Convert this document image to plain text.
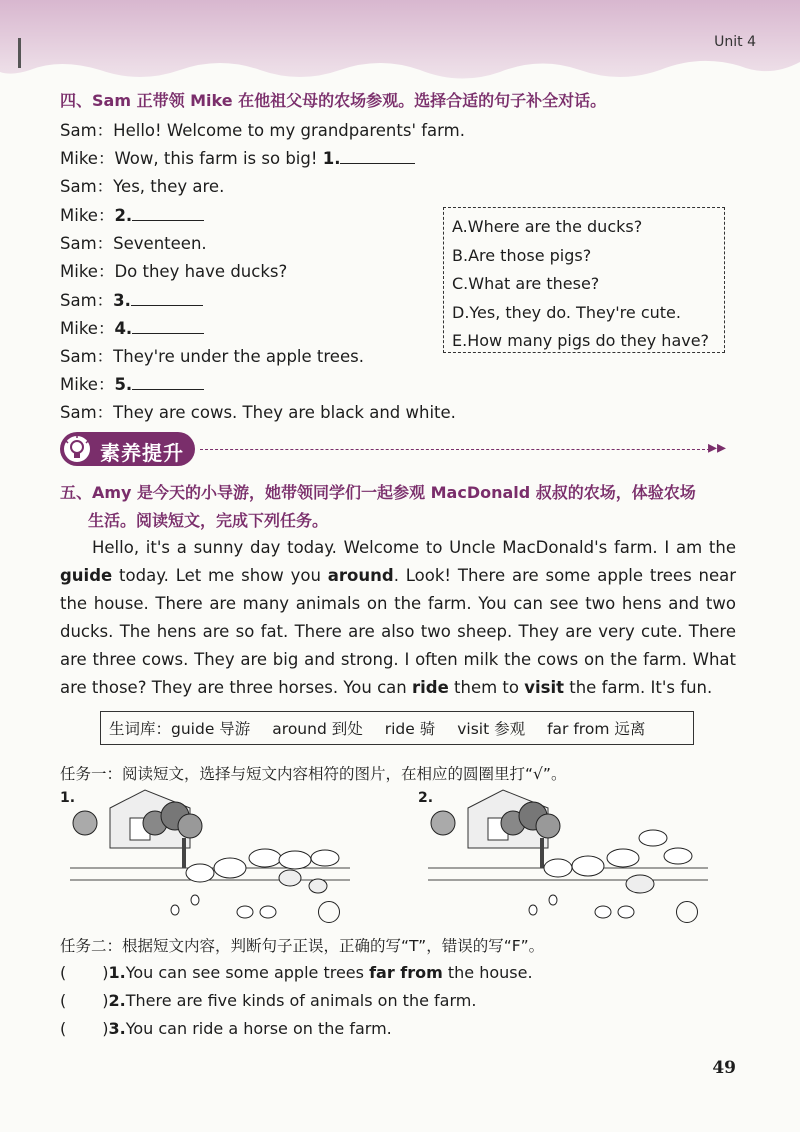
Unit 4
四、Sam 正带领 Mike 在他祖父母的农场参观。选择合适的句子补全对话。
Sam：Hello! Welcome to my grandparents' farm.
Mike：Wow, this farm is so big! 1.
Sam：Yes, they are.
Mike：2.
Sam：Seventeen.
Mike：Do they have ducks?
Sam：3.
Mike：4.
Sam：They're under the apple trees.
Mike：5.
Sam：They are cows. They are black and white.
A.Where are the ducks?
B.Are those pigs?
C.What are these?
D.Yes, they do. They're cute.
E.How many pigs do they have?
素养提升	▸▸
五、Amy 是今天的小导游，她带领同学们一起参观 MacDonald 叔叔的农场，体验农场
生活。阅读短文，完成下列任务。
Hello, it's a sunny day today. Welcome to Uncle MacDonald's farm. I am the guide today. Let me show you around. Look! There are some apple trees near the house. There are many animals on the farm. You can see two hens and two ducks. The hens are so fat. There are also two sheep. They are very cute. There are three cows. They are big and strong. I often milk the cows on the farm. What are those? They are three horses. You can ride them to visit the farm. It's fun.
生词库： guide 导游 around 到处 ride 骑 visit 参观 far from 远离
任务一：阅读短文，选择与短文内容相符的图片，在相应的圆圈里打“√”。
1.	2.
任务二：根据短文内容，判断句子正误，正确的写“T”，错误的写“F”。
( )1.You can see some apple trees far from the house.
( )2.There are five kinds of animals on the farm.
( )3.You can ride a horse on the farm.
49
